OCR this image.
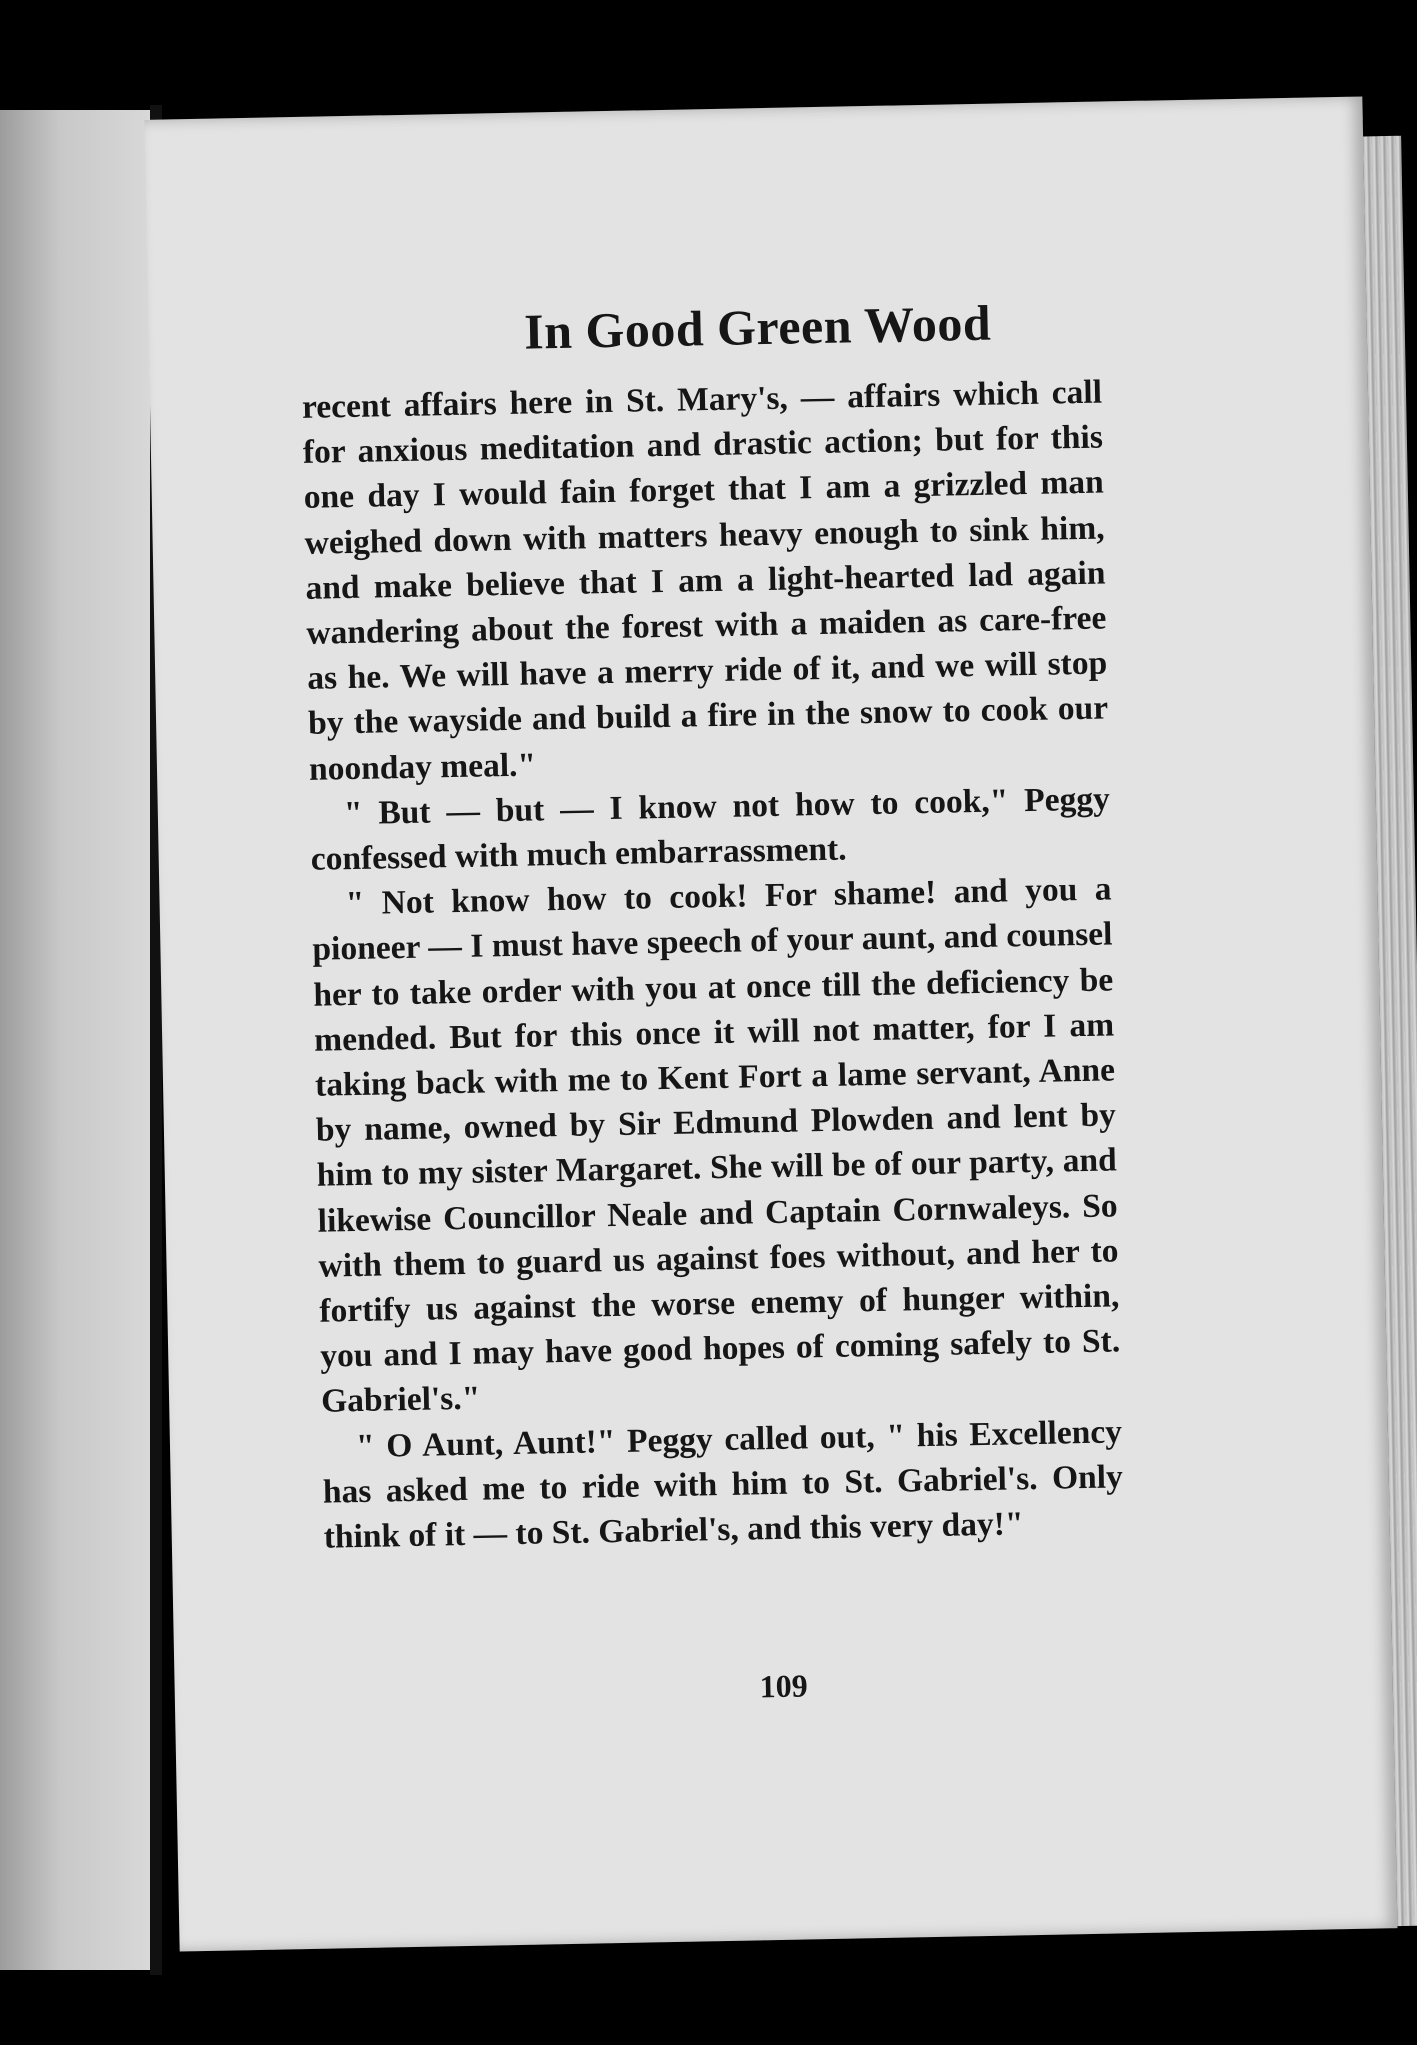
In Good Green Wood

recent affairs here in St. Mary's, — affairs which call for anxious meditation and drastic action; but for this one day I would fain forget that I am a grizzled man weighed down with matters heavy enough to sink him, and make believe that I am a light-hearted lad again wandering about the forest with a maiden as care-free as he. We will have a merry ride of it, and we will stop by the wayside and build a fire in the snow to cook our noonday meal."

" But — but — I know not how to cook," Peggy confessed with much embarrassment.

" Not know how to cook! For shame! and you a pioneer — I must have speech of your aunt, and counsel her to take order with you at once till the deficiency be mended. But for this once it will not matter, for I am taking back with me to Kent Fort a lame servant, Anne by name, owned by Sir Edmund Plowden and lent by him to my sister Margaret. She will be of our party, and likewise Councillor Neale and Captain Cornwaleys. So with them to guard us against foes without, and her to fortify us against the worse enemy of hunger within, you and I may have good hopes of coming safely to St. Gabriel's."

" O Aunt, Aunt!" Peggy called out, " his Excellency has asked me to ride with him to St. Gabriel's. Only think of it — to St. Gabriel's, and this very day!"

109
